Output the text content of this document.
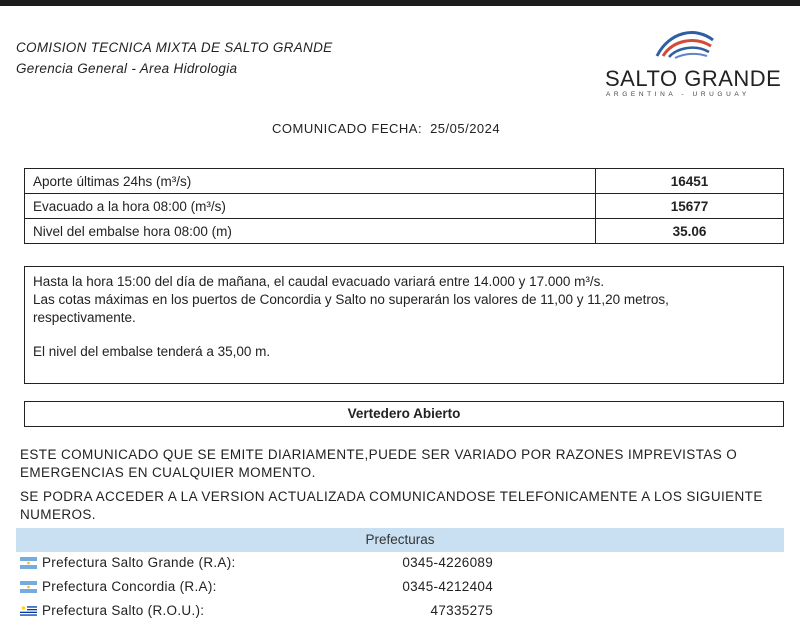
COMISION TECNICA MIXTA DE SALTO GRANDE
Gerencia General - Area Hidrologia	SALTO GRANDE
ARGENTINA - URUGUAY
COMUNICADO FECHA: 25/05/2024
Aporte últimas 24hs (m³/s)	16451
Evacuado a la hora 08:00 (m³/s)	15677
Nivel del embalse hora 08:00 (m)	35.06

Hasta la hora 15:00 del día de mañana, el caudal evacuado variará entre 14.000 y 17.000 m³/s.

Las cotas máximas en los puertos de Concordia y Salto no superarán los valores de 11,00 y 11,20 metros, respectivamente.

El nivel del embalse tenderá a 35,00 m.

Vertedero Abierto

ESTE COMUNICADO QUE SE EMITE DIARIAMENTE,PUEDE SER VARIADO POR RAZONES IMPREVISTAS O EMERGENCIAS EN CUALQUIER MOMENTO.

SE PODRA ACCEDER A LA VERSION ACTUALIZADA COMUNICANDOSE TELEFONICAMENTE A LOS SIGUIENTE NUMEROS.

Prefecturas
Prefectura Salto Grande (R.A):	0345-4226089
Prefectura Concordia (R.A):	0345-4212404
Prefectura Salto (R.O.U.):	47335275
